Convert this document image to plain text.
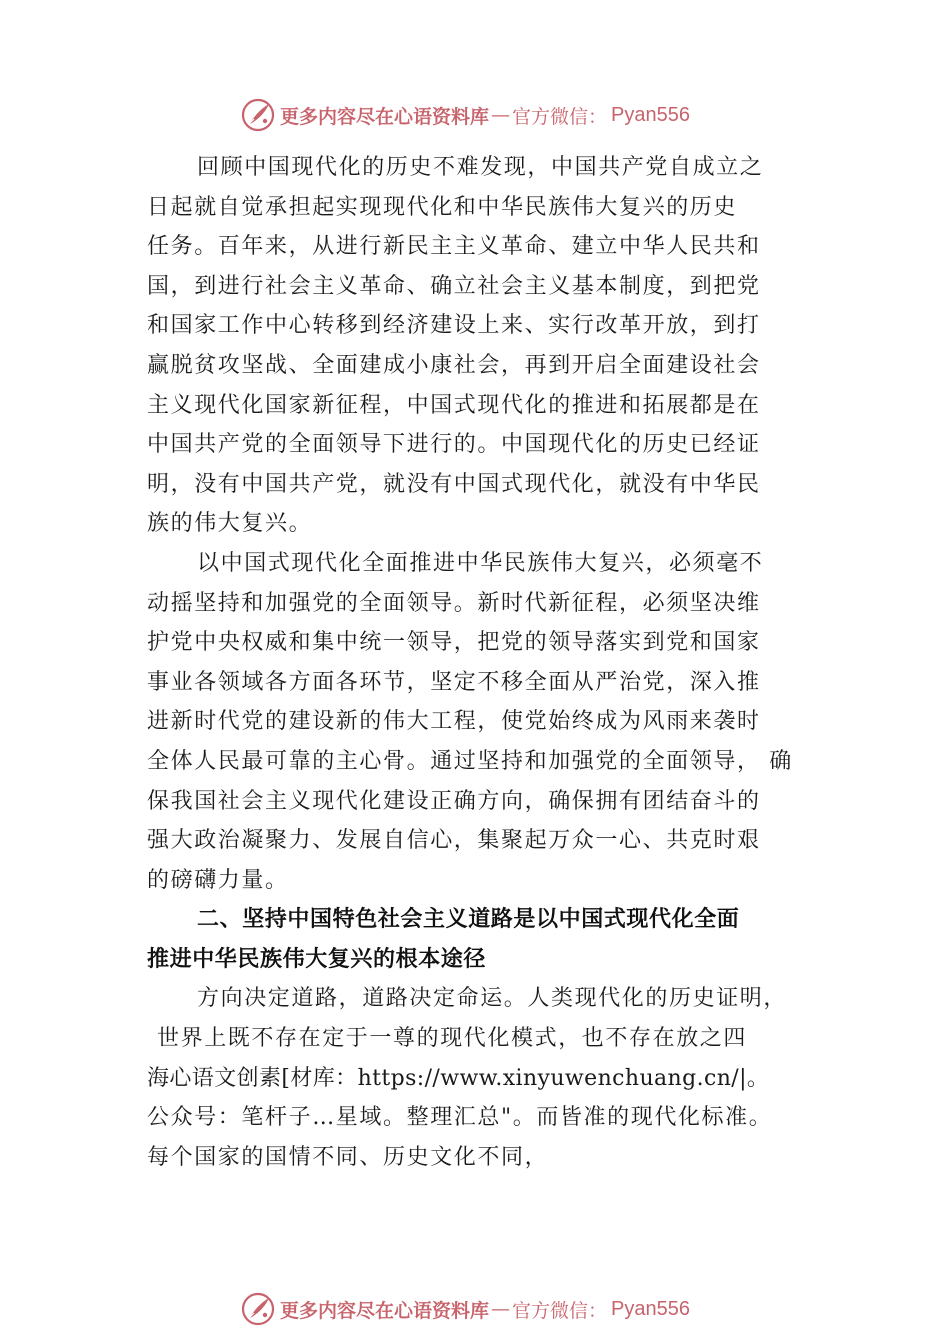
更多内容尽在心语资料库 — 官方微信： Pyan556
回顾中国现代化的历史不难发现，中国共产党自成立之
日起就自觉承担起实现现代化和中华民族伟大复兴的历史
任务。百年来，从进行新民主主义革命、建立中华人民共和
国，到进行社会主义革命、确立社会主义基本制度，到把党
和国家工作中心转移到经济建设上来、实行改革开放，到打
赢脱贫攻坚战、全面建成小康社会，再到开启全面建设社会
主义现代化国家新征程，中国式现代化的推进和拓展都是在
中国共产党的全面领导下进行的。中国现代化的历史已经证
明，没有中国共产党，就没有中国式现代化，就没有中华民
族的伟大复兴。
以中国式现代化全面推进中华民族伟大复兴，必须毫不
动摇坚持和加强党的全面领导。新时代新征程，必须坚决维
护党中央权威和集中统一领导，把党的领导落实到党和国家
事业各领域各方面各环节，坚定不移全面从严治党，深入推
进新时代党的建设新的伟大工程，使党始终成为风雨来袭时
全体人民最可靠的主心骨。通过坚持和加强党的全面领导， 确
保我国社会主义现代化建设正确方向，确保拥有团结奋斗的
强大政治凝聚力、发展自信心，集聚起万众一心、共克时艰
的磅礴力量。
二、坚持中国特色社会主义道路是以中国式现代化全面
推进中华民族伟大复兴的根本途径
方向决定道路，道路决定命运。人类现代化的历史证明，
世界上既不存在定于一尊的现代化模式，也不存在放之四
海心语文创素[材库：https://www.xinyuwenchuang.cn/|。
公众号：笔杆子…星域。整理汇总"。而皆准的现代化标准。
每个国家的国情不同、历史文化不同，
更多内容尽在心语资料库 — 官方微信： Pyan556
